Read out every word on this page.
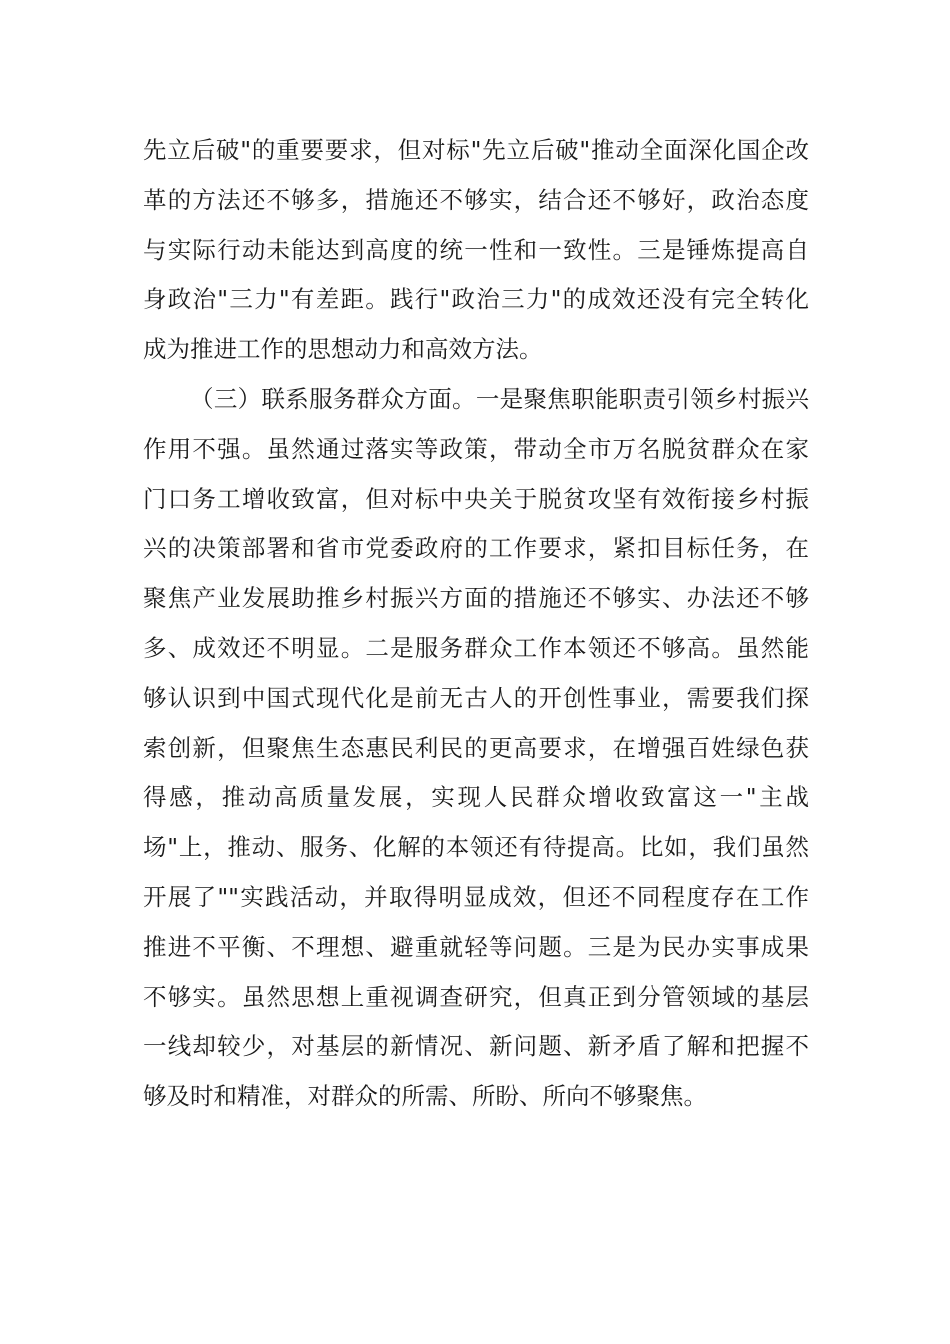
先立后破"的重要要求，但对标"先立后破"推动全面深化国企改
革的方法还不够多，措施还不够实，结合还不够好，政治态度
与实际行动未能达到高度的统一性和一致性。三是锤炼提高自
身政治"三力"有差距。践行"政治三力"的成效还没有完全转化
成为推进工作的思想动力和高效方法。
（三）联系服务群众方面。一是聚焦职能职责引领乡村振兴
作用不强。虽然通过落实等政策，带动全市万名脱贫群众在家
门口务工增收致富，但对标中央关于脱贫攻坚有效衔接乡村振
兴的决策部署和省市党委政府的工作要求，紧扣目标任务，在
聚焦产业发展助推乡村振兴方面的措施还不够实、办法还不够
多、成效还不明显。二是服务群众工作本领还不够高。虽然能
够认识到中国式现代化是前无古人的开创性事业，需要我们探
索创新，但聚焦生态惠民利民的更高要求，在增强百姓绿色获
得感，推动高质量发展，实现人民群众增收致富这一"主战
场"上，推动、服务、化解的本领还有待提高。比如，我们虽然
开展了""实践活动，并取得明显成效，但还不同程度存在工作
推进不平衡、不理想、避重就轻等问题。三是为民办实事成果
不够实。虽然思想上重视调查研究，但真正到分管领域的基层
一线却较少，对基层的新情况、新问题、新矛盾了解和把握不
够及时和精准，对群众的所需、所盼、所向不够聚焦。
